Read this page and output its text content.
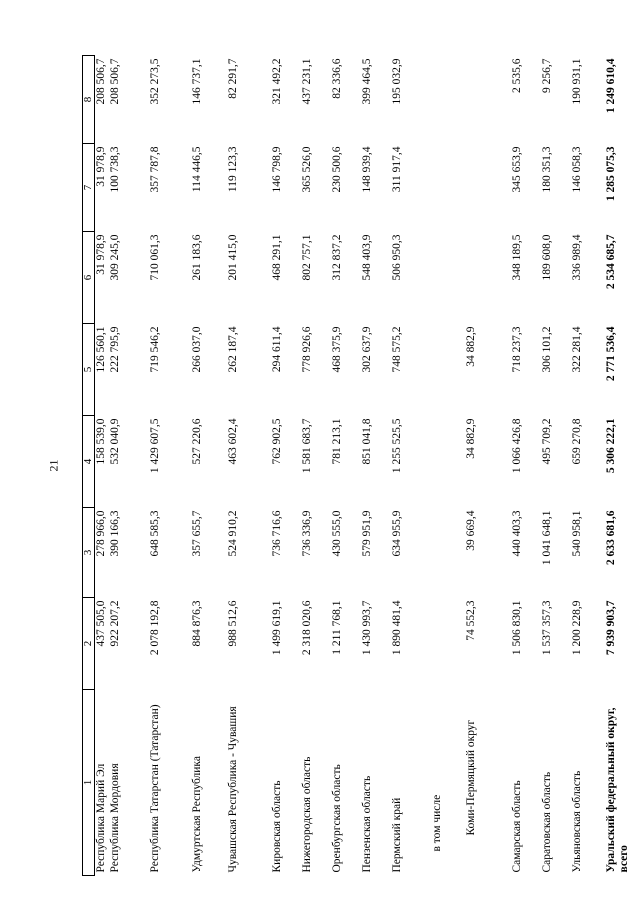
21
1	2	3	4	5	6	7	8
Республика Марий Эл	437 505,0	278 966,0	158 539,0	126 560,1	31 978,9	31 978,9	208 506,7
Республика Мордовия	922 207,2	390 166,3	532 040,9	222 795,9	309 245,0	100 738,3	208 506,7
Республика Татарстан (Татарстан)	2 078 192,8	648 585,3	1 429 607,5	719 546,2	710 061,3	357 787,8	352 273,5
Удмуртская Республика	884 876,3	357 655,7	527 220,6	266 037,0	261 183,6	114 446,5	146 737,1
Чувашская Республика - Чувашия	988 512,6	524 910,2	463 602,4	262 187,4	201 415,0	119 123,3	82 291,7
Кировская область	1 499 619,1	736 716,6	762 902,5	294 611,4	468 291,1	146 798,9	321 492,2
Нижегородская область	2 318 020,6	736 336,9	1 581 683,7	778 926,6	802 757,1	365 526,0	437 231,1
Оренбургская область	1 211 768,1	430 555,0	781 213,1	468 375,9	312 837,2	230 500,6	82 336,6
Пензенская область	1 430 993,7	579 951,9	851 041,8	302 637,9	548 403,9	148 939,4	399 464,5
Пермский край	1 890 481,4	634 955,9	1 255 525,5	748 575,2	506 950,3	311 917,4	195 032,9
в том числе							
Коми-Пермяцкий округ	74 552,3	39 669,4	34 882,9	34 882,9			
Самарская область	1 506 830,1	440 403,3	1 066 426,8	718 237,3	348 189,5	345 653,9	2 535,6
Саратовская область	1 537 357,3	1 041 648,1	495 709,2	306 101,2	189 608,0	180 351,3	9 256,7
Ульяновская область	1 200 228,9	540 958,1	659 270,8	322 281,4	336 989,4	146 058,3	190 931,1
Уральский федеральный округ, всего	7 939 903,7	2 633 681,6	5 306 222,1	2 771 536,4	2 534 685,7	1 285 075,3	1 249 610,4
